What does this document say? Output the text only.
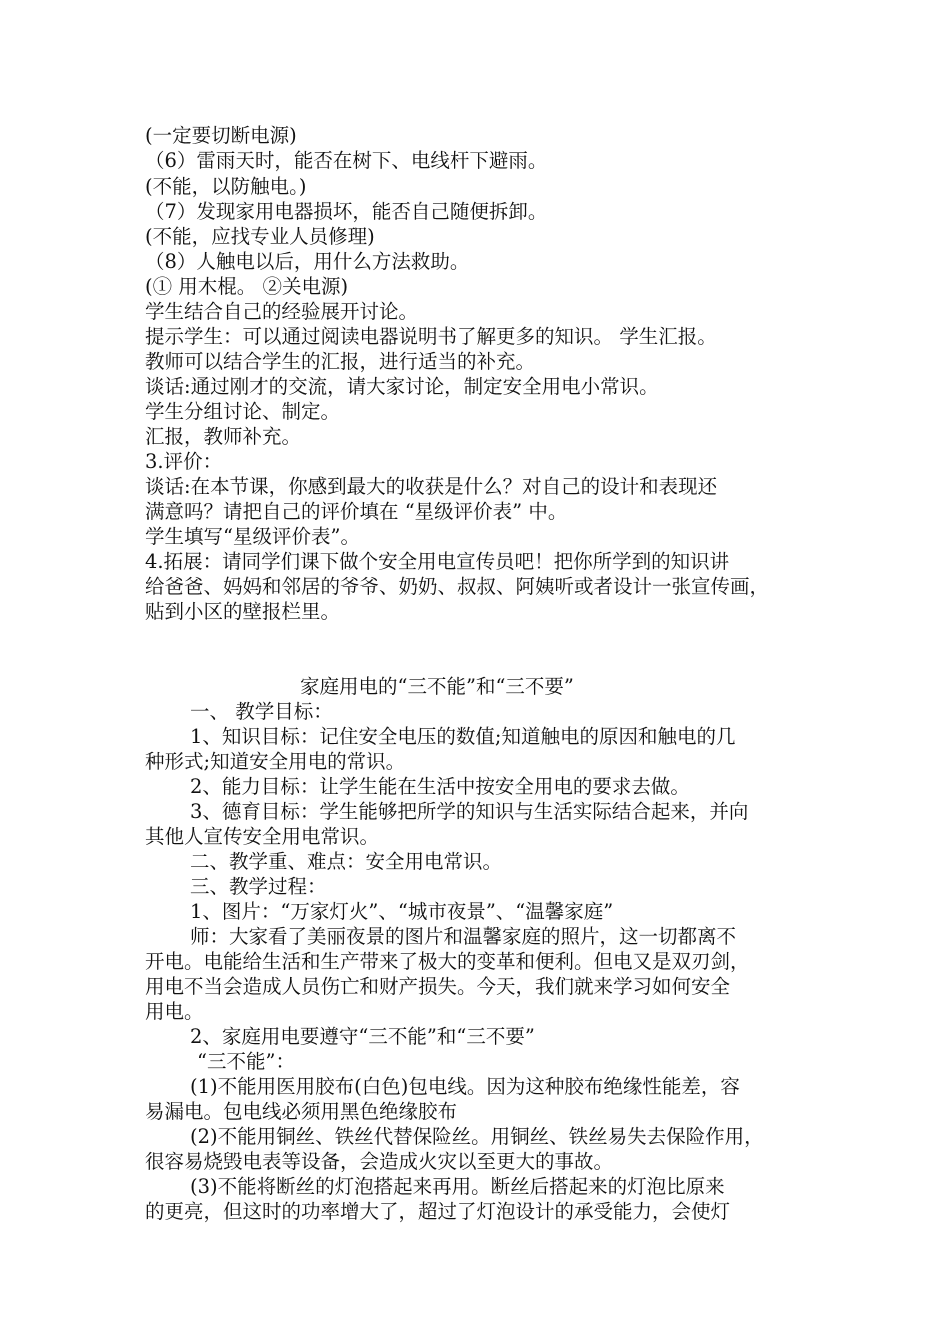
(一定要切断电源)
（6）雷雨天时，能否在树下、电线杆下避雨。
(不能，以防触电。)
（7）发现家用电器损坏，能否自己随便拆卸。
(不能，应找专业人员修理)
（8）人触电以后，用什么方法救助。
(① 用木棍。 ②关电源)
学生结合自己的经验展开讨论。
提示学生：可以通过阅读电器说明书了解更多的知识。 学生汇报。
教师可以结合学生的汇报，进行适当的补充。
谈话:通过刚才的交流，请大家讨论，制定安全用电小常识。
学生分组讨论、制定。
汇报，教师补充。
3.评价：
谈话:在本节课，你感到最大的收获是什么？对自己的设计和表现还
满意吗？请把自己的评价填在 “星级评价表” 中。
学生填写“星级评价表”。
4.拓展：请同学们课下做个安全用电宣传员吧！把你所学到的知识讲
给爸爸、妈妈和邻居的爷爷、奶奶、叔叔、阿姨听或者设计一张宣传画，
贴到小区的壁报栏里。
家庭用电的“三不能”和“三不要”
一、 教学目标：
1、知识目标：记住安全电压的数值;知道触电的原因和触电的几
种形式;知道安全用电的常识。
2、能力目标：让学生能在生活中按安全用电的要求去做。
3、德育目标：学生能够把所学的知识与生活实际结合起来，并向
其他人宣传安全用电常识。
二、教学重、难点：安全用电常识。
三、教学过程：
1、图片：“万家灯火”、“城市夜景”、“温馨家庭”
师：大家看了美丽夜景的图片和温馨家庭的照片，这一切都离不
开电。电能给生活和生产带来了极大的变革和便利。但电又是双刃剑，
用电不当会造成人员伤亡和财产损失。今天，我们就来学习如何安全
用电。
2、家庭用电要遵守“三不能”和“三不要”
“三不能”：
(1)不能用医用胶布(白色)包电线。因为这种胶布绝缘性能差，容
易漏电。包电线必须用黑色绝缘胶布
(2)不能用铜丝、铁丝代替保险丝。用铜丝、铁丝易失去保险作用，
很容易烧毁电表等设备，会造成火灾以至更大的事故。
(3)不能将断丝的灯泡搭起来再用。断丝后搭起来的灯泡比原来
的更亮，但这时的功率增大了，超过了灯泡设计的承受能力，会使灯
